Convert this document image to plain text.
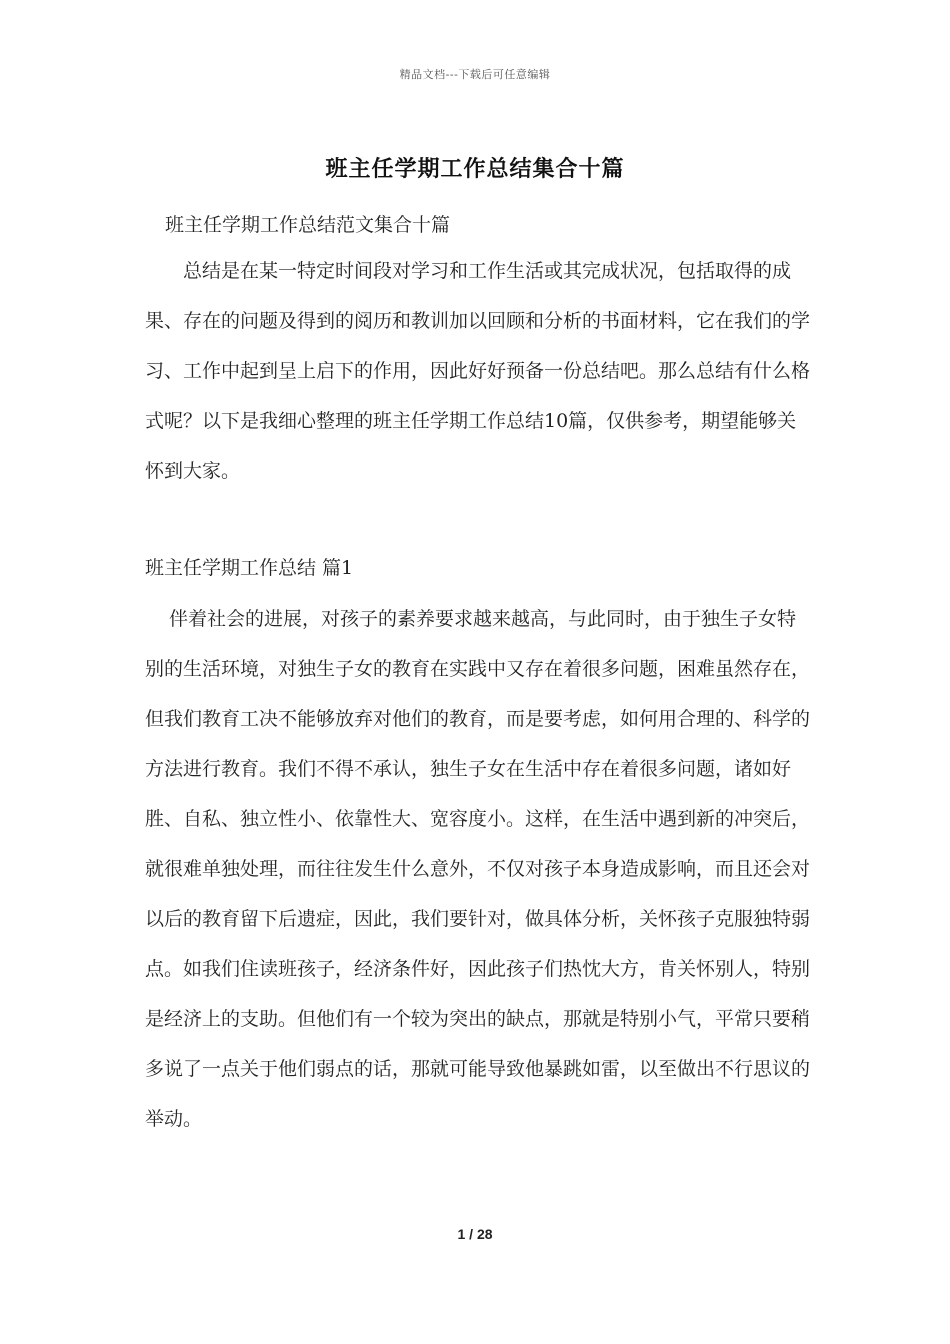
精品文档---下载后可任意编辑
班主任学期工作总结集合十篇
班主任学期工作总结范文集合十篇
总结是在某一特定时间段对学习和工作生活或其完成状况，包括取得的成果、存在的问题及得到的阅历和教训加以回顾和分析的书面材料，它在我们的学习、工作中起到呈上启下的作用，因此好好预备一份总结吧。那么总结有什么格式呢？以下是我细心整理的班主任学期工作总结10篇，仅供参考，期望能够关怀到大家。
班主任学期工作总结 篇1
伴着社会的进展，对孩子的素养要求越来越高，与此同时，由于独生子女特别的生活环境，对独生子女的教育在实践中又存在着很多问题，困难虽然存在，但我们教育工决不能够放弃对他们的教育，而是要考虑，如何用合理的、科学的方法进行教育。我们不得不承认，独生子女在生活中存在着很多问题，诸如好胜、自私、独立性小、依靠性大、宽容度小。这样，在生活中遇到新的冲突后，就很难单独处理，而往往发生什么意外，不仅对孩子本身造成影响，而且还会对以后的教育留下后遗症，因此，我们要针对，做具体分析，关怀孩子克服独特弱点。如我们住读班孩子，经济条件好，因此孩子们热忱大方，肯关怀别人，特别是经济上的支助。但他们有一个较为突出的缺点，那就是特别小气，平常只要稍多说了一点关于他们弱点的话，那就可能导致他暴跳如雷，以至做出不行思议的举动。
1 / 28
